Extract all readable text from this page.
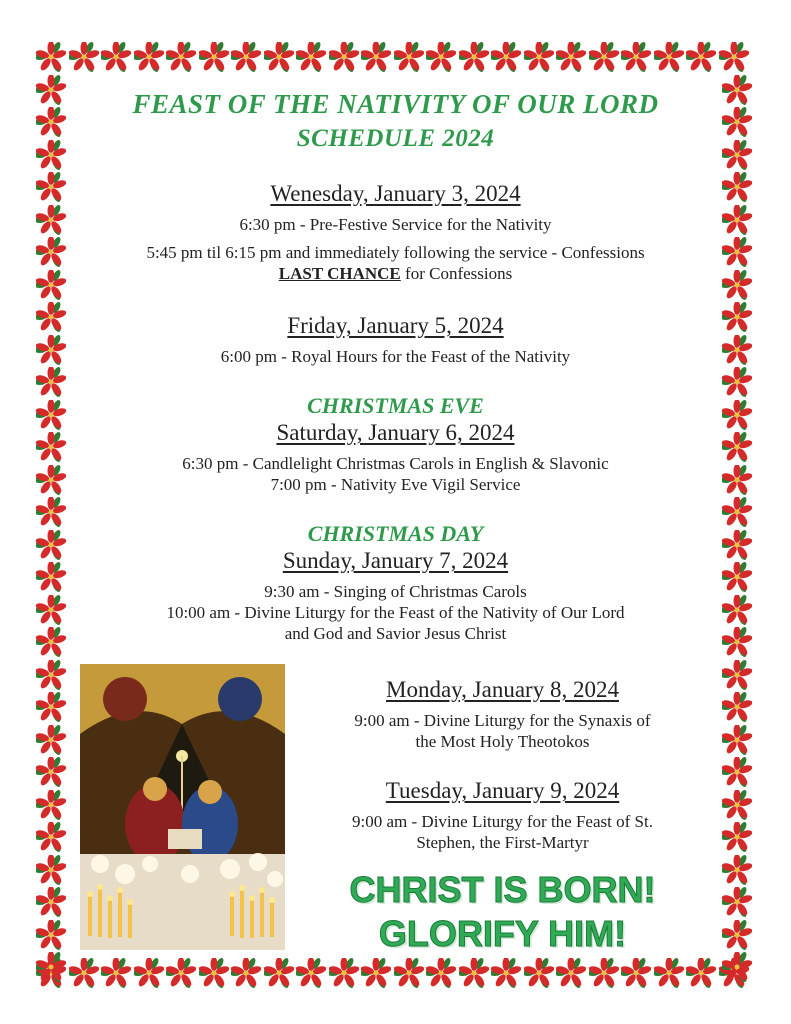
FEAST OF THE NATIVITY OF OUR LORD
SCHEDULE 2024
Wenesday, January 3, 2024
6:30 pm - Pre-Festive Service for the Nativity
5:45 pm til 6:15 pm and immediately following the service - Confessions
LAST CHANCE for Confessions
Friday, January 5, 2024
6:00 pm - Royal Hours for the Feast of the Nativity
CHRISTMAS EVE
Saturday, January 6, 2024
6:30 pm - Candlelight Christmas Carols in English & Slavonic
7:00 pm - Nativity Eve Vigil Service
CHRISTMAS DAY
Sunday, January 7, 2024
9:30 am - Singing of Christmas Carols
10:00 am - Divine Liturgy for the Feast of the Nativity of Our Lord
and God and Savior Jesus Christ
Monday, January 8, 2024
9:00 am - Divine Liturgy for the Synaxis of
the Most Holy Theotokos
Tuesday, January 9, 2024
9:00 am - Divine Liturgy for the Feast of St.
Stephen, the First-Martyr
CHRIST IS BORN!
GLORIFY HIM!
